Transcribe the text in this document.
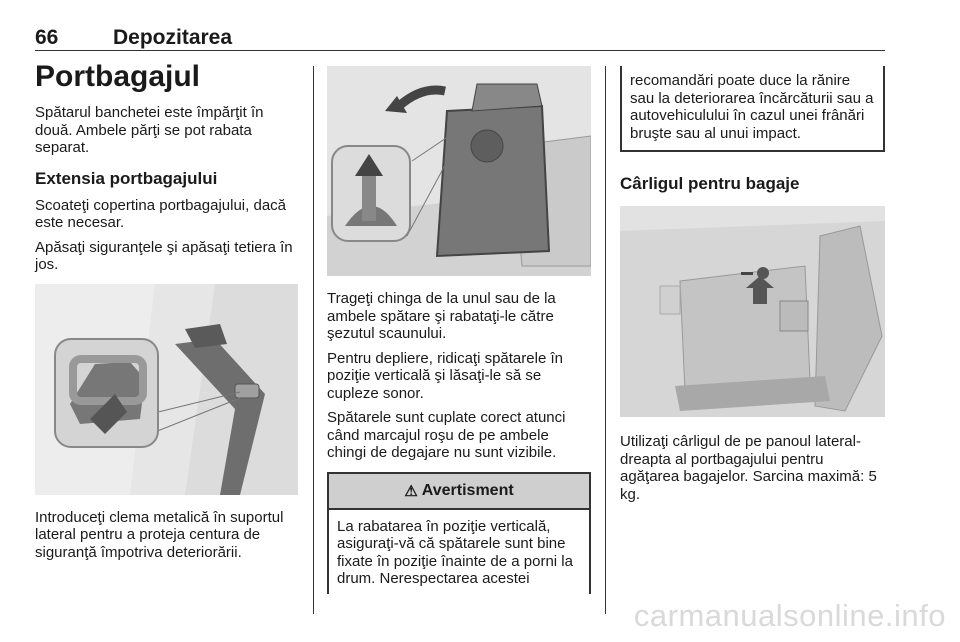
66	Depozitarea
Portbagajul

Spătarul banchetei este împărţit în două. Ambele părţi se pot rabata separat.

Extensia portbagajului

Scoateţi copertina portbagajului, dacă este necesar.

Apăsaţi siguranţele şi apăsaţi tetiera în jos.

Introduceţi clema metalică în suportul lateral pentru a proteja centura de siguranţă împotriva deteriorării.

Trageţi chinga de la unul sau de la ambele spătare şi rabataţi-le către şezutul scaunului.

Pentru depliere, ridicaţi spătarele în poziţie verticală şi lăsaţi-le să se cupleze sonor.

Spătarele sunt cuplate corect atunci când marcajul roşu de pe ambele chingi de degajare nu sunt vizibile.

⚠ Avertisment
La rabatarea în poziţie verticală, asiguraţi-vă că spătarele sunt bine fixate în poziţie înainte de a porni la drum. Nerespectarea acestei
recomandări poate duce la rănire sau la deteriorarea încărcăturii sau a autovehiculului în cazul unei frânări bruşte sau al unui impact.
Cârligul pentru bagaje

Utilizaţi cârligul de pe panoul lateral-dreapta al portbagajului pentru agăţarea bagajelor. Sarcina maximă: 5 kg.

carmanualsonline.info
